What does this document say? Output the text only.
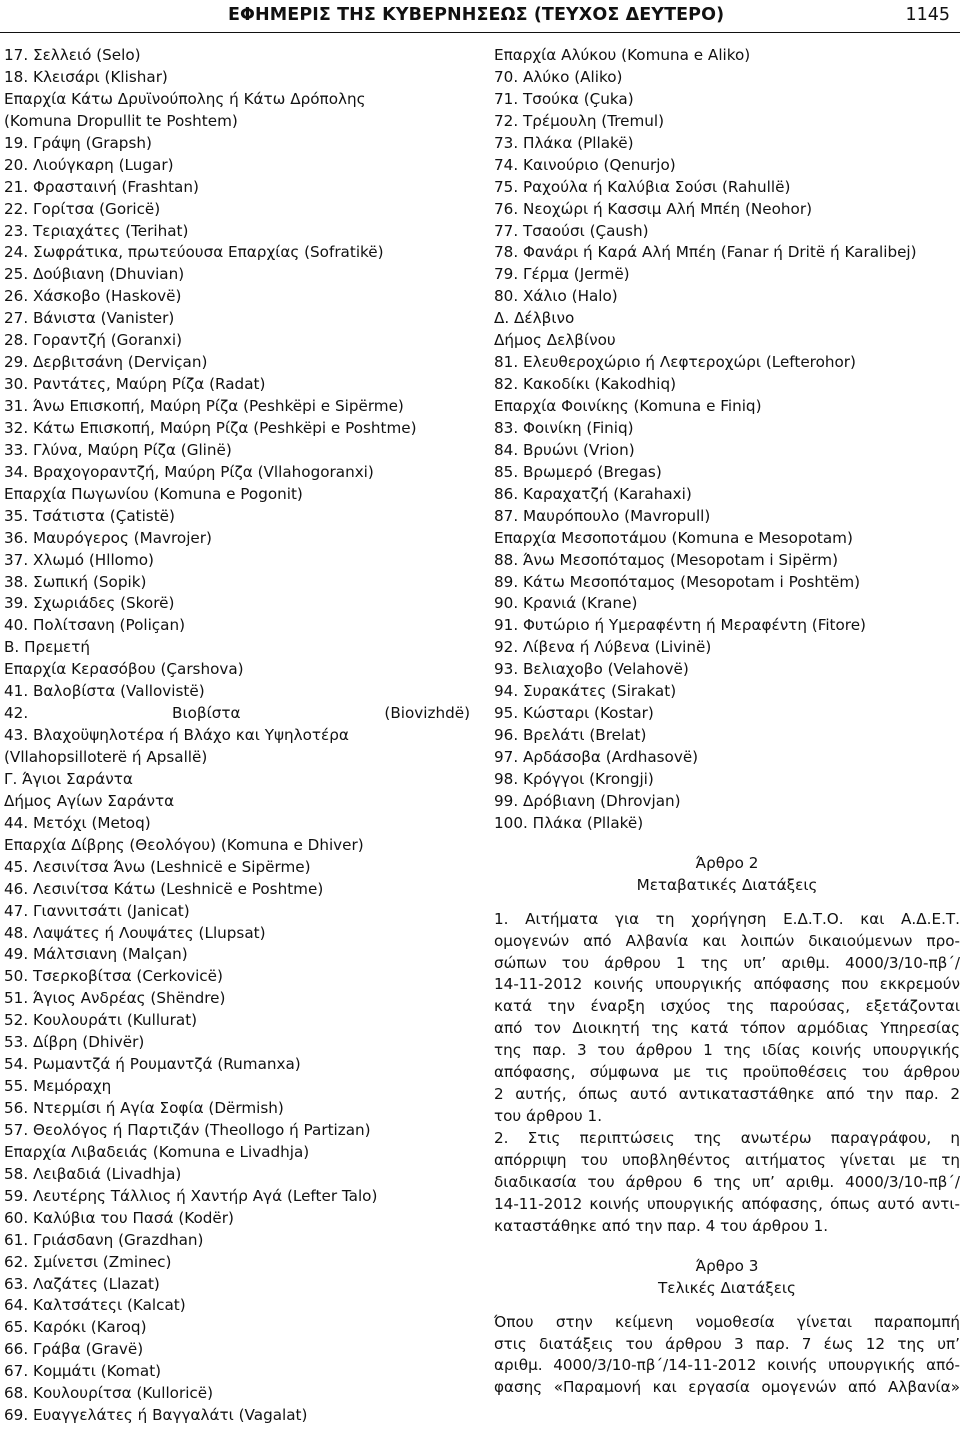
ΕΦΗΜΕΡΙΣ ΤΗΣ ΚΥΒΕΡΝΗΣΕΩΣ (ΤΕΥΧΟΣ ΔΕΥΤΕΡΟ)	1145
17. Σελλειό (Selo)
18. Κλεισάρι (Klishar)
Επαρχία Κάτω Δρυϊνούπολης ή Κάτω Δρόπολης
(Komuna Dropullit te Poshtem)
19. Γράψη (Grapsh)
20. Λιούγκαρη (Lugar)
21. Φρασταινή (Frashtan)
22. Γορίτσα (Goricë)
23. Τεριαχάτες (Terihat)
24. Σωφράτικα, πρωτεύουσα Επαρχίας (Sofratikë)
25. Δούβιανη (Dhuvian)
26. Χάσκοβο (Haskovë)
27. Βάνιστα (Vanister)
28. Γοραντζή (Goranxi)
29. Δερβιτσάνη (Derviçan)
30. Ραντάτες, Μαύρη Ρίζα (Radat)
31. Άνω Επισκοπή, Μαύρη Ρίζα (Peshkëpi e Sipërme)
32. Κάτω Επισκοπή, Μαύρη Ρίζα (Peshkëpi e Poshtme)
33. Γλύνα, Μαύρη Ρίζα (Glinë)
34. Βραχογοραντζή, Μαύρη Ρίζα (Vllahogoranxi)
Επαρχία Πωγωνίου (Komuna e Pogonit)
35. Τσάτιστα (Çatistë)
36. Μαυρόγερος (Mavrojer)
37. Χλωμό (Hllomo)
38. Σωπική (Sopik)
39. Σχωριάδες (Skorë)
40. Πολίτσανη (Poliçan)
Β. Πρεμετή
Επαρχία Κερασόβου (Çarshova)
41. Βαλοβίστα (Vallovistë)
42. Βιοβίστα (Biovizhdë)
43. Βλαχοϋψηλοτέρα ή Βλάχο και Υψηλοτέρα
(Vllahopsilloterë ή Apsallë)
Γ. Άγιοι Σαράντα
Δήμος Αγίων Σαράντα
44. Μετόχι (Metoq)
Επαρχία Δίβρης (Θεολόγου) (Komuna e Dhiver)
45. Λεσινίτσα Άνω (Leshnicë e Sipërme)
46. Λεσινίτσα Κάτω (Leshnicë e Poshtme)
47. Γιαννιτσάτι (Janicat)
48. Λαψάτες ή Λουψάτες (Llupsat)
49. Μάλτσιανη (Malçan)
50. Τσερκοβίτσα (Cerkovicë)
51. Άγιος Ανδρέας (Shëndre)
52. Κουλουράτι (Kullurat)
53. Δίβρη (Dhivër)
54. Ρωμαντζά ή Ρουμαντζά (Rumanxa)
55. Μεμόραχη
56. Ντερμίσι ή Αγία Σοφία (Dërmish)
57. Θεολόγος ή Παρτιζάν (Theollogo ή Partizan)
Επαρχία Λιβαδειάς (Komuna e Livadhja)
58. Λειβαδιά (Livadhja)
59. Λευτέρης Τάλλιος ή Χαντήρ Αγά (Lefter Talo)
60. Καλύβια του Πασά (Kodër)
61. Γριάσδανη (Grazdhan)
62. Σμίνετσι (Zminec)
63. Λαζάτες (Llazat)
64. Καλτσάτεςι (Kalcat)
65. Καρόκι (Karoq)
66. Γράβα (Gravë)
67. Κομμάτι (Komat)
68. Κουλουρίτσα (Kulloricë)
69. Ευαγγελάτες ή Βαγγαλάτι (Vagalat)
Επαρχία Αλύκου (Komuna e Aliko)
70. Αλύκο (Aliko)
71. Τσούκα (Çuka)
72. Τρέμουλη (Tremul)
73. Πλάκα (Pllakë)
74. Καινούριο (Qenurjo)
75. Ραχούλα ή Καλύβια Σούσι (Rahullë)
76. Νεοχώρι ή Κασσιμ Αλή Μπέη (Neohor)
77. Τσαούσι (Çaush)
78. Φανάρι ή Καρά Αλή Μπέη (Fanar ή Dritë ή Karalibej)
79. Γέρμα (Jermë)
80. Χάλιο (Halo)
Δ. Δέλβινο
Δήμος Δελβίνου
81. Ελευθεροχώριο ή Λεφτεροχώρι (Lefterohor)
82. Κακοδίκι (Kakodhiq)
Επαρχία Φοινίκης (Komuna e Finiq)
83. Φοινίκη (Finiq)
84. Βρυώνι (Vrion)
85. Βρωμερό (Bregas)
86. Καραχατζή (Karahaxi)
87. Μαυρόπουλο (Mavropull)
Επαρχία Μεσοποτάμου (Komuna e Mesopotam)
88. Άνω Μεσοπόταμος (Mesopotam i Sipërm)
89. Κάτω Μεσοπόταμος (Mesopotam i Poshtëm)
90. Κρανιά (Krane)
91. Φυτώριο ή Υμεραφέντη ή Μεραφέντη (Fitore)
92. Λίβενα ή Λύβενα (Livinë)
93. Βελιαχοβο (Velahovë)
94. Συρακάτες (Sirakat)
95. Κώσταρι (Kostar)
96. Βρελάτι (Brelat)
97. Αρδάσοβα (Ardhasovë)
98. Κρόγγοι (Krongji)
99. Δρόβιανη (Dhrovjan)
100. Πλάκα (Pllakë)
Άρθρο 2
Μεταβατικές Διατάξεις
1. Αιτήματα για τη χορήγηση Ε.Δ.Τ.Ο. και Α.Δ.Ε.Τ.
ομογενών από Αλβανία και λοιπών δικαιούμενων προ-
σώπων του άρθρου 1 της υπ’ αριθμ. 4000/3/10-πβ΄/
14-11-2012 κοινής υπουργικής απόφασης που εκκρεμούν
κατά την έναρξη ισχύος της παρούσας, εξετάζονται
από τον Διοικητή της κατά τόπον αρμόδιας Υπηρεσίας
της παρ. 3 του άρθρου 1 της ιδίας κοινής υπουργικής
απόφασης, σύμφωνα με τις προϋποθέσεις του άρθρου
2 αυτής, όπως αυτό αντικαταστάθηκε από την παρ. 2
του άρθρου 1.
2. Στις περιπτώσεις της ανωτέρω παραγράφου, η
απόρριψη του υποβληθέντος αιτήματος γίνεται με τη
διαδικασία του άρθρου 6 της υπ’ αριθμ. 4000/3/10-πβ΄/
14-11-2012 κοινής υπουργικής απόφασης, όπως αυτό αντι-
καταστάθηκε από την παρ. 4 του άρθρου 1.
Άρθρο 3
Τελικές Διατάξεις
Όπου στην κείμενη νομοθεσία γίνεται παραπομπή
στις διατάξεις του άρθρου 3 παρ. 7 έως 12 της υπ’
αριθμ. 4000/3/10-πβ΄/14-11-2012 κοινής υπουργικής από-
φασης «Παραμονή και εργασία ομογενών από Αλβανία»
